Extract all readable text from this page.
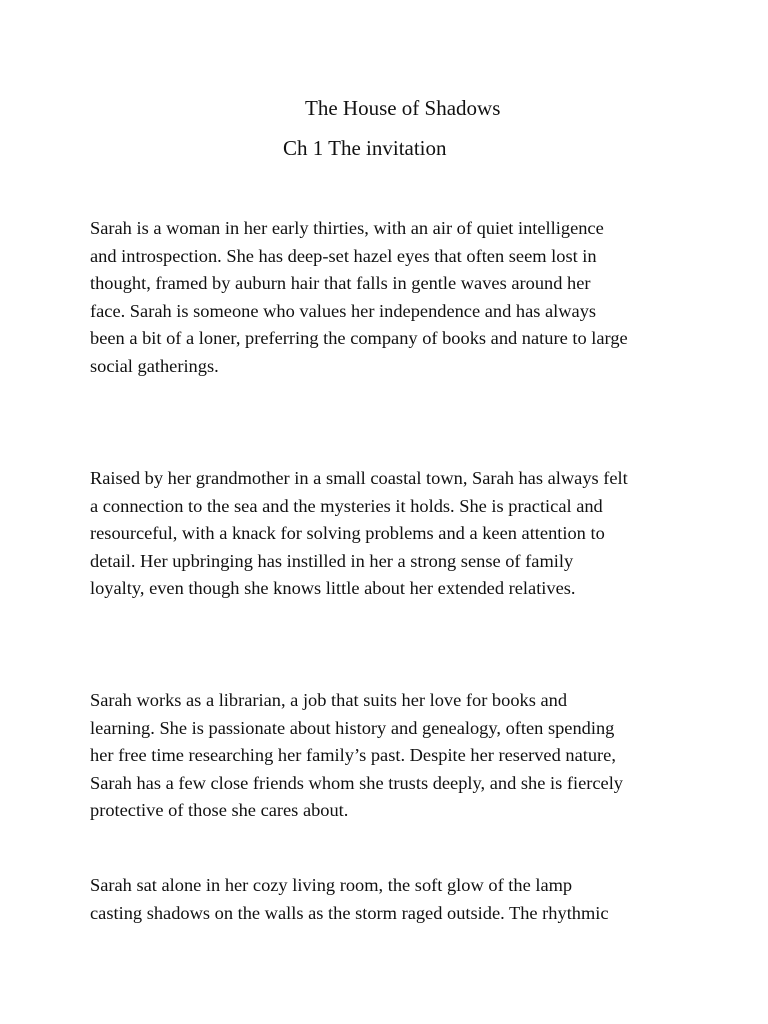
The House of Shadows
Ch 1 The invitation

Sarah is a woman in her early thirties, with an air of quiet intelligence
and introspection. She has deep-set hazel eyes that often seem lost in
thought, framed by auburn hair that falls in gentle waves around her
face. Sarah is someone who values her independence and has always
been a bit of a loner, preferring the company of books and nature to large
social gatherings.

Raised by her grandmother in a small coastal town, Sarah has always felt
a connection to the sea and the mysteries it holds. She is practical and
resourceful, with a knack for solving problems and a keen attention to
detail. Her upbringing has instilled in her a strong sense of family
loyalty, even though she knows little about her extended relatives.

Sarah works as a librarian, a job that suits her love for books and
learning. She is passionate about history and genealogy, often spending
her free time researching her family’s past. Despite her reserved nature,
Sarah has a few close friends whom she trusts deeply, and she is fiercely
protective of those she cares about.

Sarah sat alone in her cozy living room, the soft glow of the lamp
casting shadows on the walls as the storm raged outside. The rhythmic
